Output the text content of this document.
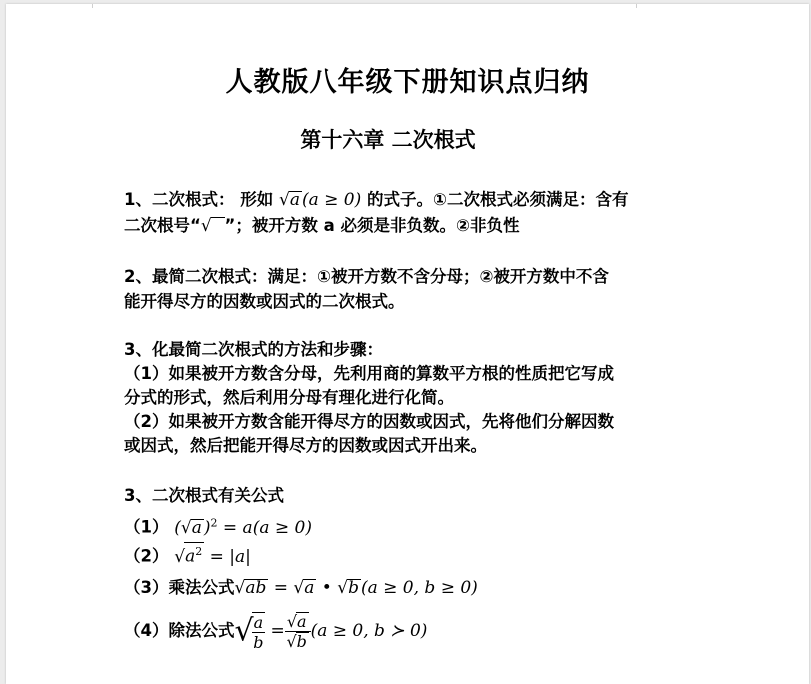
人教版八年级下册知识点归纳
第十六章 二次根式
1、二次根式： 形如 √a (a ≥ 0) 的式子。①二次根式必须满足：含有
二次根号“√ ”；被开方数 a 必须是非负数。②非负性
2、最简二次根式：满足：①被开方数不含分母；②被开方数中不含
能开得尽方的因数或因式的二次根式。
3、化最简二次根式的方法和步骤：
（1）如果被开方数含分母，先利用商的算数平方根的性质把它写成
分式的形式，然后利用分母有理化进行化简。
（2）如果被开方数含能开得尽方的因数或因式，先将他们分解因数
或因式，然后把能开得尽方的因数或因式开出来。
3、二次根式有关公式
（1） (√a )$^2$ = a(a ≥ 0)
（2） $√a^2 = |a|$
（3）乘法公式√ab = √a • √b (a ≥ 0, b ≥ 0)
（4）除法公式√
$\frac{a}{b} = \frac{√a}{√b} (a \ge 0$, b ≻ 0)
